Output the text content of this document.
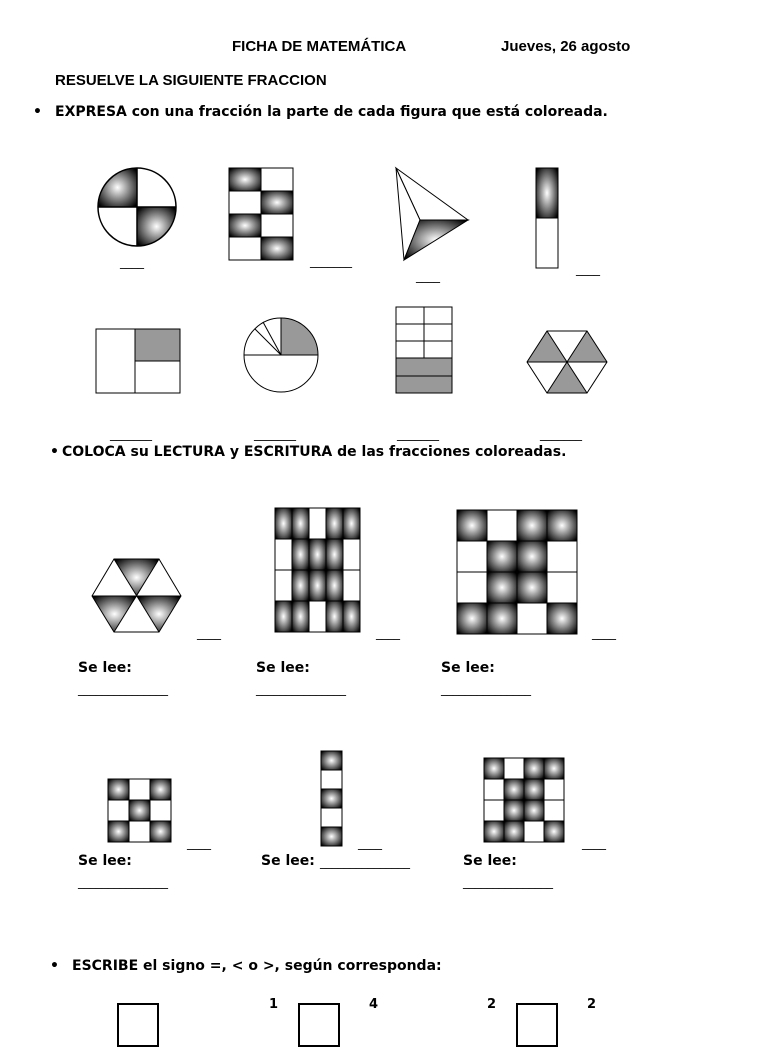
FICHA DE MATEMÁTICA	Jueves, 26 agosto
RESUELVE LA SIGUIENTE FRACCION
• EXPRESA con una fracción la parte de cada figura que está coloreada.
____	_______
____	____
_______	_______	_______	_______
• COLOCA su LECTURA y ESCRITURA de las fracciones coloreadas.
____	____	____
Se lee:
_______________
Se lee:
_______________
Se lee:
_______________
____	____	____
Se lee:
_______________
Se lee: _______________	Se lee:
_______________
• ESCRIBE el signo =, < o >, según corresponda:
1	4	2	2
